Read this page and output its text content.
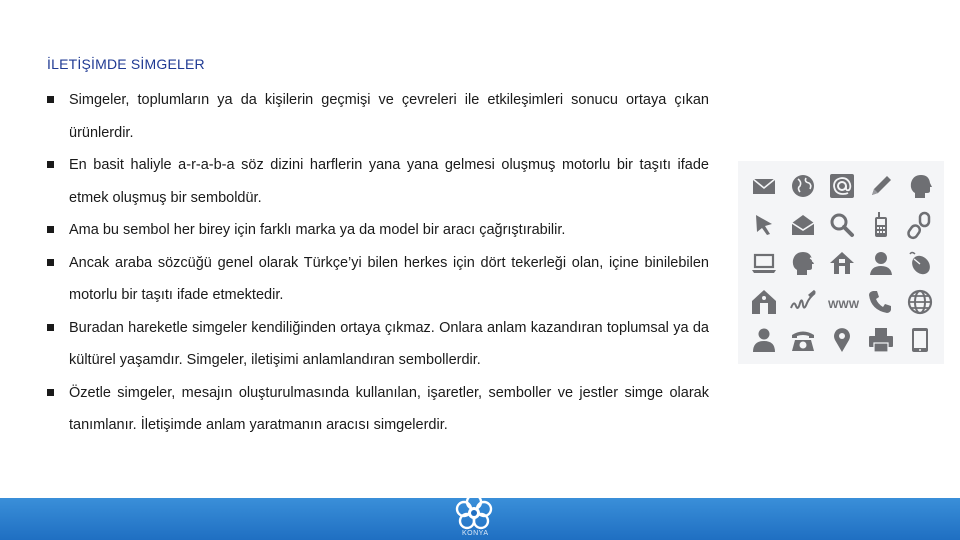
İLETİŞİMDE SİMGELER
Simgeler, toplumların ya da kişilerin geçmişi ve çevreleri ile etkileşimleri sonucu ortaya çıkan ürünlerdir.
En basit haliyle a-r-a-b-a söz dizini harflerin yana yana gelmesi oluşmuş motorlu bir taşıtı ifade etmek oluşmuş bir semboldür.
Ama bu sembol her birey için farklı marka ya da model bir aracı çağrıştırabilir.
Ancak araba sözcüğü genel olarak Türkçe’yi bilen herkes için dört tekerleği olan, içine binilebilen motorlu bir taşıtı ifade etmektedir.
Buradan hareketle simgeler kendiliğinden ortaya çıkmaz. Onlara anlam kazandıran toplumsal ya da kültürel yaşamdır. Simgeler, iletişimi anlamlandıran sembollerdir.
Özetle simgeler, mesajın oluşturulmasında kullanılan, işaretler, semboller ve jestler simge olarak tanımlanır. İletişimde anlam yaratmanın aracısı simgelerdir.
WWW
KONYA
